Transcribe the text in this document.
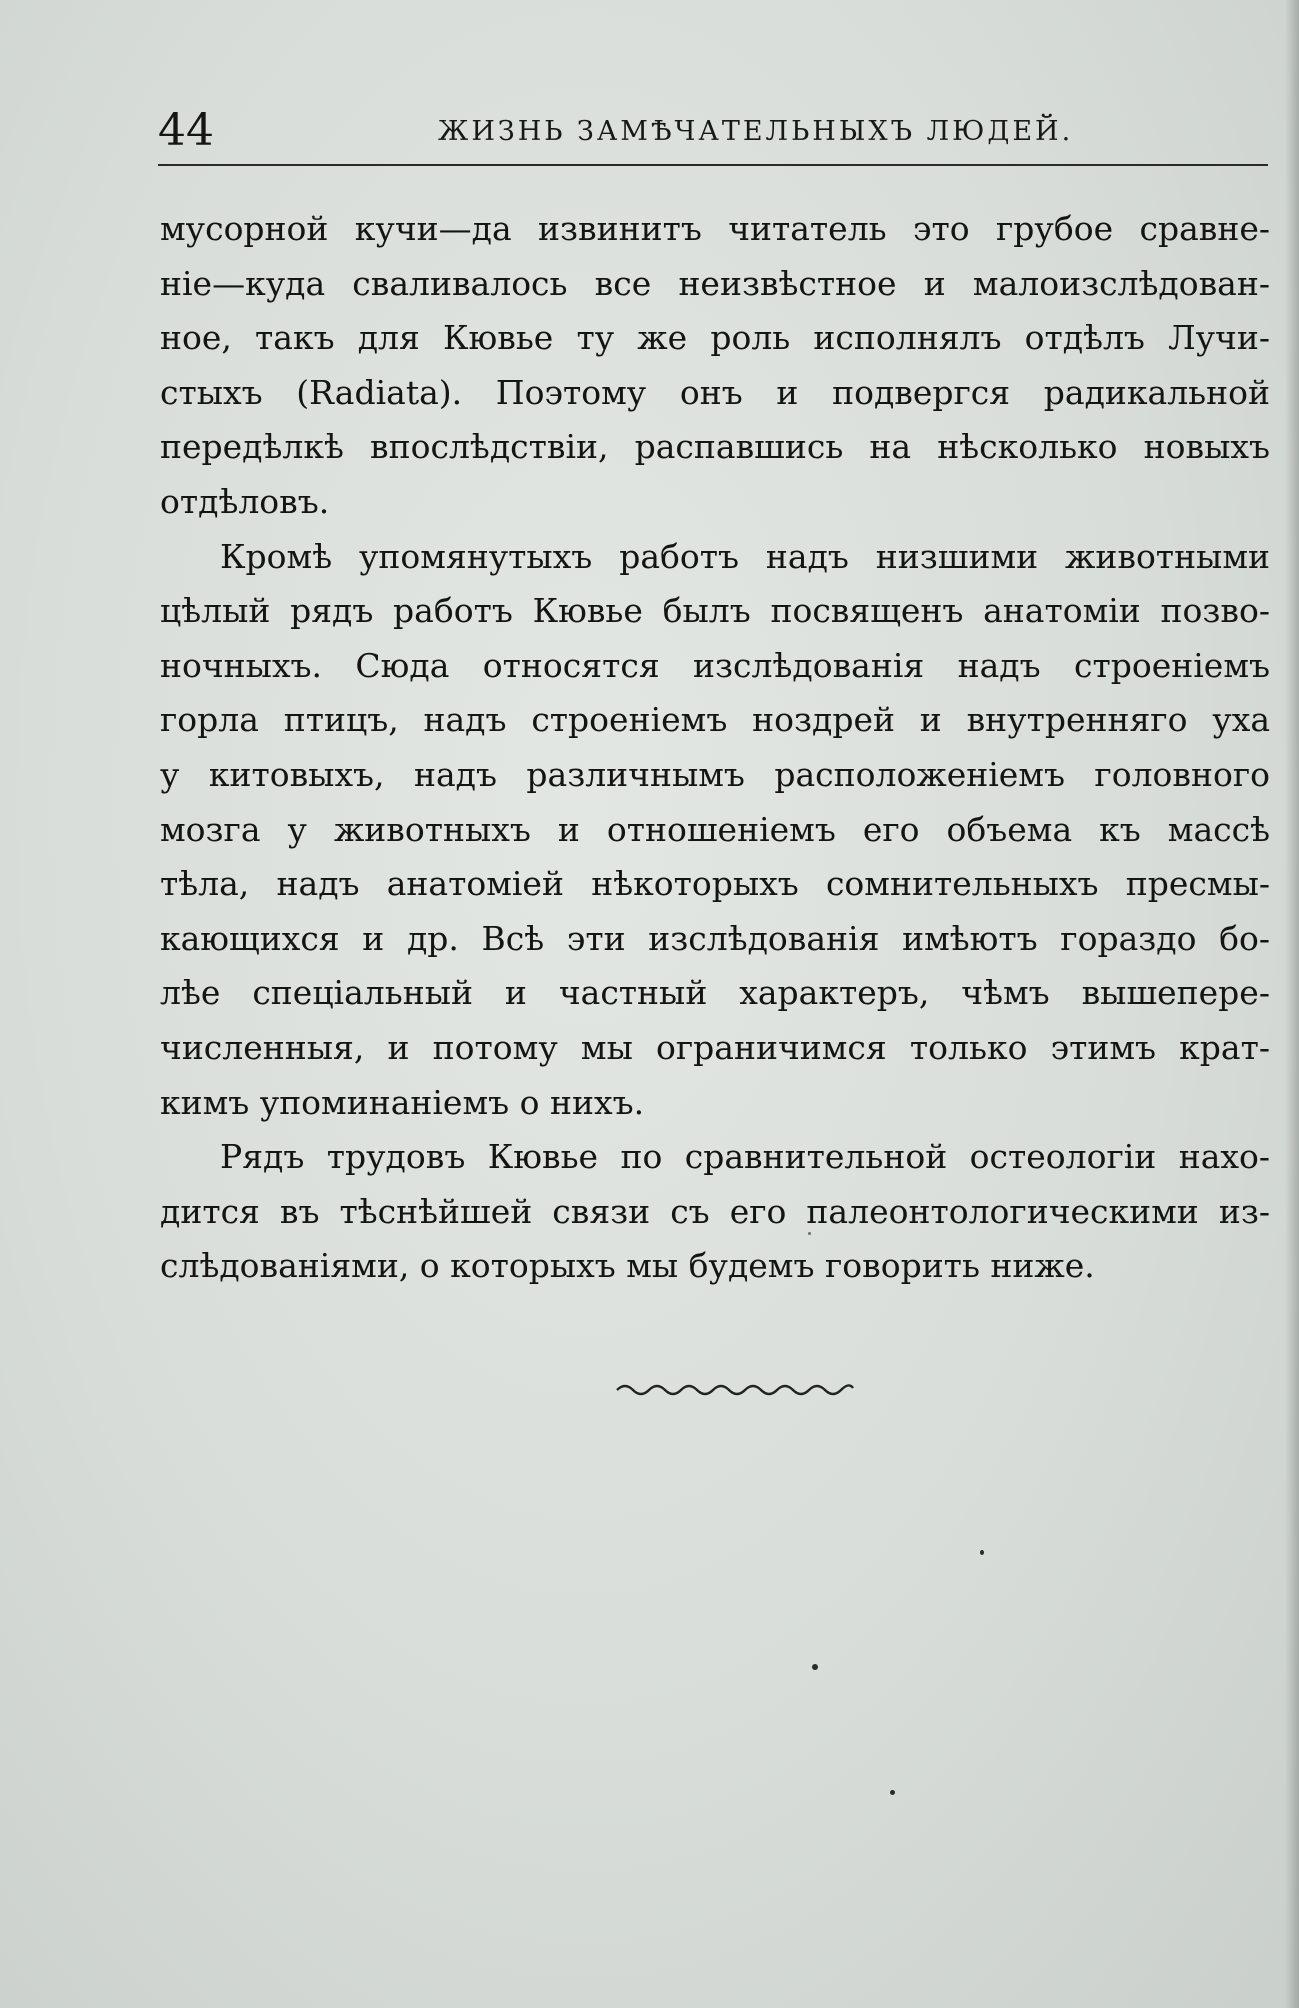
44	ЖИЗНЬ ЗАМѢЧАТЕЛЬНЫХЪ ЛЮДЕЙ.
мусорной кучи—да извинитъ читатель это грубое сравне-
ніе—куда сваливалось все неизвѣстное и малоизслѣдован-
ное, такъ для Кювье ту же роль исполнялъ отдѣлъ Лучи-
стыхъ (Radiata). Поэтому онъ и подвергся радикальной
передѣлкѣ впослѣдствіи, распавшись на нѣсколько новыхъ
отдѣловъ.
Кромѣ упомянутыхъ работъ надъ низшими животными
цѣлый рядъ работъ Кювье былъ посвященъ анатоміи позво-
ночныхъ. Сюда относятся изслѣдованія надъ строеніемъ
горла птицъ, надъ строеніемъ ноздрей и внутренняго уха
у китовыхъ, надъ различнымъ расположеніемъ головного
мозга у животныхъ и отношеніемъ его объема къ массѣ
тѣла, надъ анатоміей нѣкоторыхъ сомнительныхъ пресмы-
кающихся и др. Всѣ эти изслѣдованія имѣютъ гораздо бо-
лѣе спеціальный и частный характеръ, чѣмъ вышепере-
численныя, и потому мы ограничимся только этимъ крат-
кимъ упоминаніемъ о нихъ.
Рядъ трудовъ Кювье по сравнительной остеологіи нахо-
дится въ тѣснѣйшей связи съ его палеонтологическими из-
слѣдованіями, о которыхъ мы будемъ говорить ниже.
